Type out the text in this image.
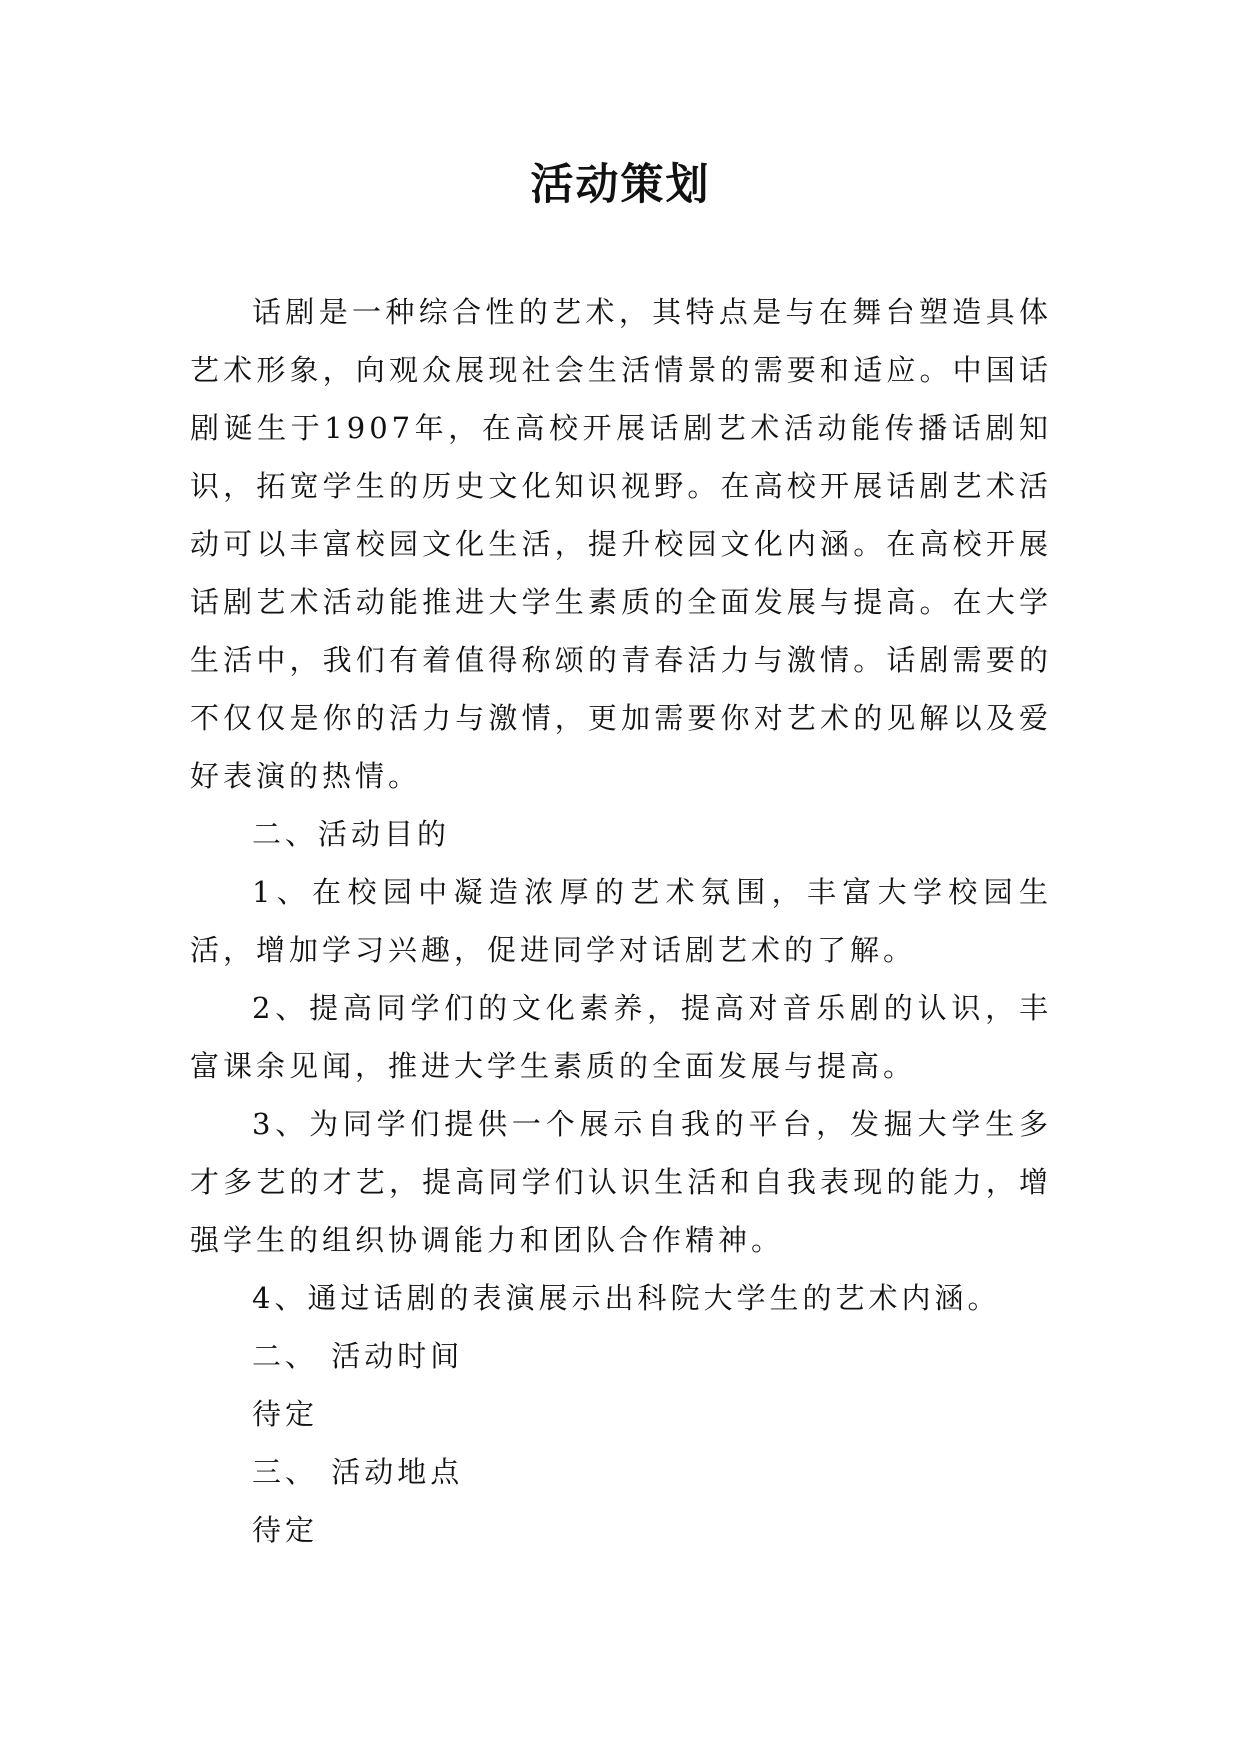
活动策划

话剧是一种综合性的艺术，其特点是与在舞台塑造具体艺术形象，向观众展现社会生活情景的需要和适应。中国话剧诞生于1907年，在高校开展话剧艺术活动能传播话剧知识，拓宽学生的历史文化知识视野。在高校开展话剧艺术活动可以丰富校园文化生活，提升校园文化内涵。在高校开展话剧艺术活动能推进大学生素质的全面发展与提高。在大学生活中，我们有着值得称颂的青春活力与激情。话剧需要的不仅仅是你的活力与激情，更加需要你对艺术的见解以及爱好表演的热情。

二、活动目的

1、在校园中凝造浓厚的艺术氛围，丰富大学校园生活，增加学习兴趣，促进同学对话剧艺术的了解。

2、提高同学们的文化素养，提高对音乐剧的认识，丰富课余见闻，推进大学生素质的全面发展与提高。

3、为同学们提供一个展示自我的平台，发掘大学生多才多艺的才艺，提高同学们认识生活和自我表现的能力，增强学生的组织协调能力和团队合作精神。

4、通过话剧的表演展示出科院大学生的艺术内涵。

二、 活动时间

待定

三、 活动地点

待定
